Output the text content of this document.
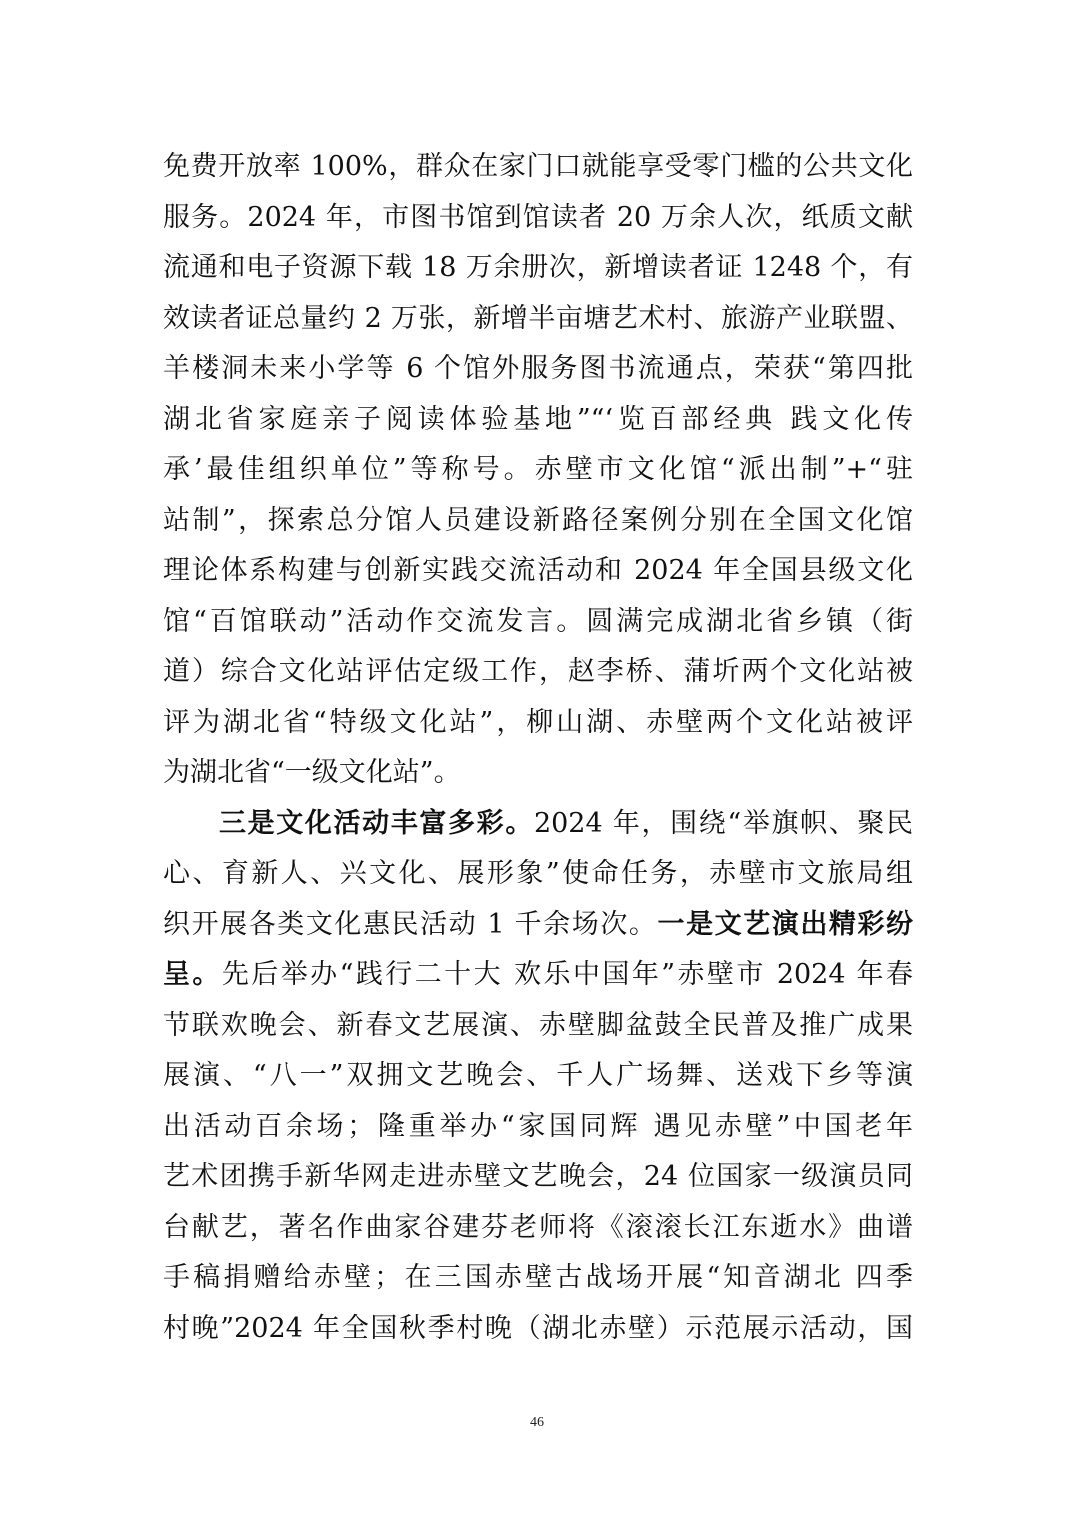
免费开放率 100%，群众在家门口就能享受零门槛的公共文化
服务。2024 年，市图书馆到馆读者 20 万余人次，纸质文献
流通和电子资源下载 18 万余册次，新增读者证 1248 个，有
效读者证总量约 2 万张，新增半亩塘艺术村、旅游产业联盟、
羊楼洞未来小学等 6 个馆外服务图书流通点，荣获“第四批
湖北省家庭亲子阅读体验基地”“‘览百部经典 践文化传
承’最佳组织单位”等称号。赤壁市文化馆“派出制”+“驻
站制”，探索总分馆人员建设新路径案例分别在全国文化馆
理论体系构建与创新实践交流活动和 2024 年全国县级文化
馆“百馆联动”活动作交流发言。圆满完成湖北省乡镇（街
道）综合文化站评估定级工作，赵李桥、蒲圻两个文化站被
评为湖北省“特级文化站”，柳山湖、赤壁两个文化站被评
为湖北省“一级文化站”。
三是文化活动丰富多彩。2024 年，围绕“举旗帜、聚民
心、育新人、兴文化、展形象”使命任务，赤壁市文旅局组
织开展各类文化惠民活动 1 千余场次。一是文艺演出精彩纷
呈。先后举办“践行二十大 欢乐中国年”赤壁市 2024 年春
节联欢晚会、新春文艺展演、赤壁脚盆鼓全民普及推广成果
展演、“八一”双拥文艺晚会、千人广场舞、送戏下乡等演
出活动百余场；隆重举办“家国同辉 遇见赤壁”中国老年
艺术团携手新华网走进赤壁文艺晚会，24 位国家一级演员同
台献艺，著名作曲家谷建芬老师将《滚滚长江东逝水》曲谱
手稿捐赠给赤壁；在三国赤壁古战场开展“知音湖北 四季
村晚”2024 年全国秋季村晚（湖北赤壁）示范展示活动，国
46
